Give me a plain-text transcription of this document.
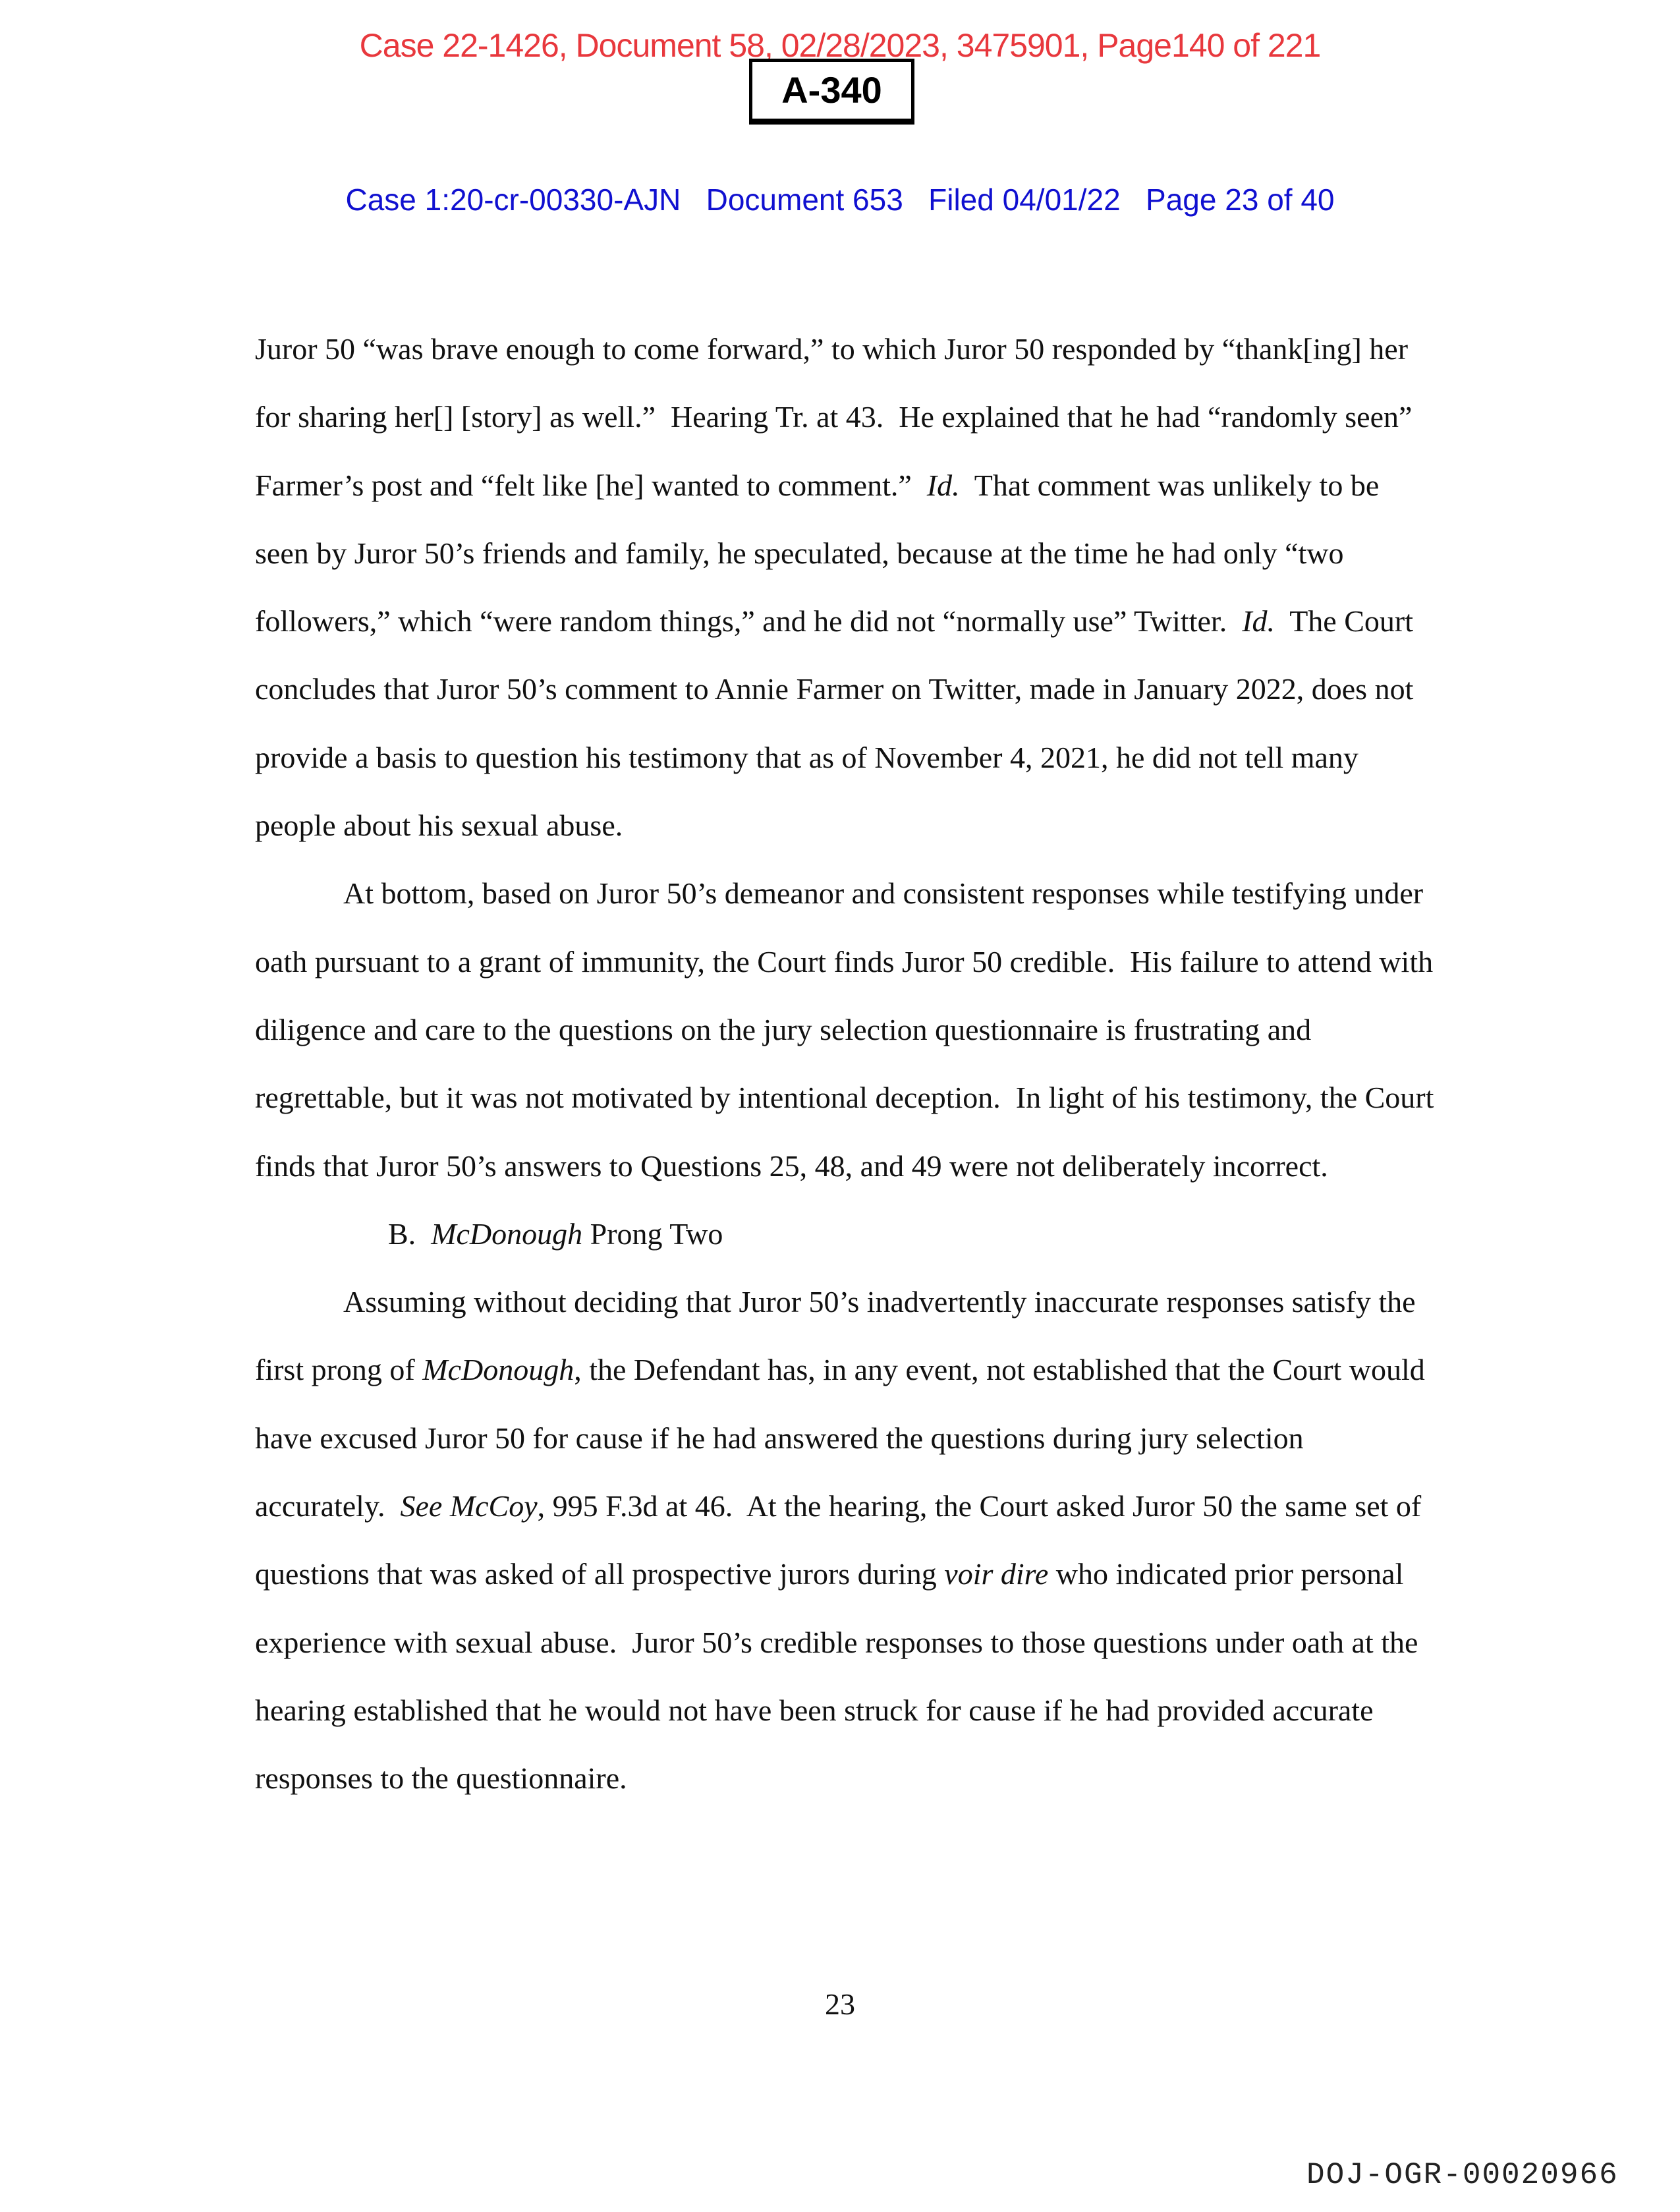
Case 22-1426, Document 58, 02/28/2023, 3475901, Page140 of 221
A-340
Case 1:20-cr-00330-AJN   Document 653   Filed 04/01/22   Page 23 of 40
Juror 50 “was brave enough to come forward,” to which Juror 50 responded by “thank[ing] her
for sharing her[] [story] as well.”  Hearing Tr. at 43.  He explained that he had “randomly seen”
Farmer’s post and “felt like [he] wanted to comment.”  Id.  That comment was unlikely to be
seen by Juror 50’s friends and family, he speculated, because at the time he had only “two
followers,” which “were random things,” and he did not “normally use” Twitter.  Id.  The Court
concludes that Juror 50’s comment to Annie Farmer on Twitter, made in January 2022, does not
provide a basis to question his testimony that as of November 4, 2021, he did not tell many
people about his sexual abuse.
At bottom, based on Juror 50’s demeanor and consistent responses while testifying under
oath pursuant to a grant of immunity, the Court finds Juror 50 credible.  His failure to attend with
diligence and care to the questions on the jury selection questionnaire is frustrating and
regrettable, but it was not motivated by intentional deception.  In light of his testimony, the Court
finds that Juror 50’s answers to Questions 25, 48, and 49 were not deliberately incorrect.
B.  McDonough Prong Two
Assuming without deciding that Juror 50’s inadvertently inaccurate responses satisfy the
first prong of McDonough, the Defendant has, in any event, not established that the Court would
have excused Juror 50 for cause if he had answered the questions during jury selection
accurately.  See McCoy, 995 F.3d at 46.  At the hearing, the Court asked Juror 50 the same set of
questions that was asked of all prospective jurors during voir dire who indicated prior personal
experience with sexual abuse.  Juror 50’s credible responses to those questions under oath at the
hearing established that he would not have been struck for cause if he had provided accurate
responses to the questionnaire.
23
DOJ-OGR-00020966
